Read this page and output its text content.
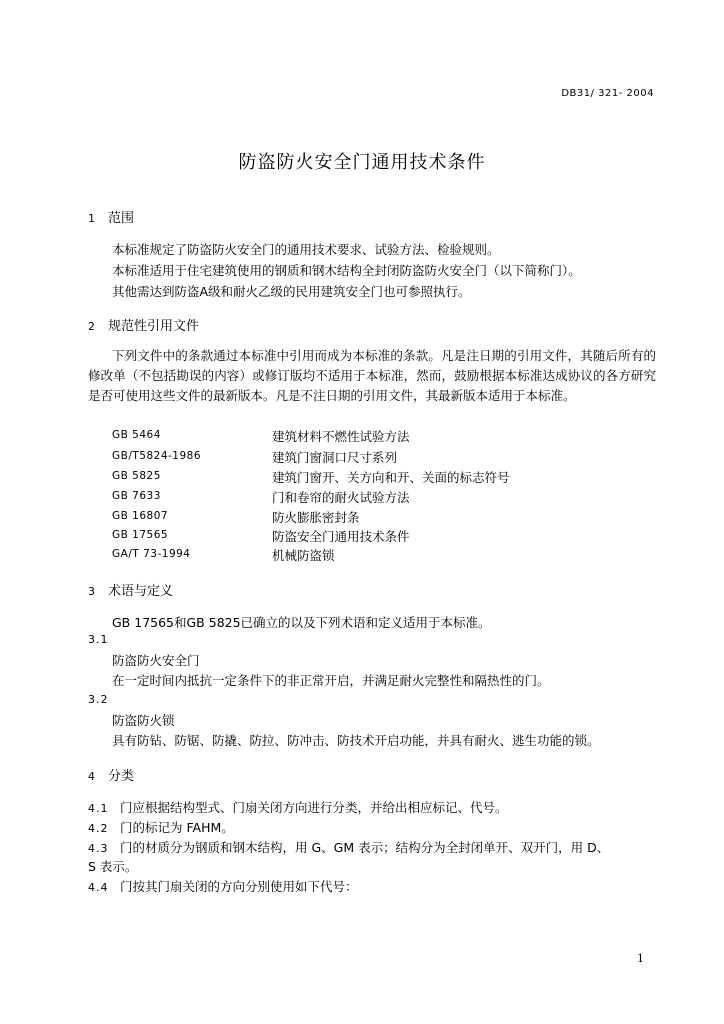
DB31/ 321- 2004
防盗防火安全门通用技术条件
1 范围
本标准规定了防盗防火安全门的通用技术要求、试验方法、检验规则。
本标准适用于住宅建筑使用的钢质和钢木结构全封闭防盗防火安全门（以下简称门）。
其他需达到防盗A级和耐火乙级的民用建筑安全门也可参照执行。
2 规范性引用文件
下列文件中的条款通过本标准中引用而成为本标准的条款。凡是注日期的引用文件，其随后所有的修改单（不包括勘误的内容）或修订版均不适用于本标准，然而，鼓励根据本标准达成协议的各方研究是否可使用这些文件的最新版本。凡是不注日期的引用文件，其最新版本适用于本标准。
GB 5464	建筑材料不燃性试验方法
GB/T5824-1986	建筑门窗洞口尺寸系列
GB 5825	建筑门窗开、关方向和开、关面的标志符号
GB 7633	门和卷帘的耐火试验方法
GB 16807	防火膨胀密封条
GB 17565	防盗安全门通用技术条件
GA/T 73-1994	机械防盗锁
3 术语与定义
GB 17565和GB 5825已确立的以及下列术语和定义适用于本标准。
3.1
防盗防火安全门
在一定时间内抵抗一定条件下的非正常开启，并满足耐火完整性和隔热性的门。
3.2
防盗防火锁
具有防钻、防锯、防撬、防拉、防冲击、防技术开启功能，并具有耐火、逃生功能的锁。
4 分类
4.1 门应根据结构型式、门扇关闭方向进行分类，并给出相应标记、代号。
4.2 门的标记为 FAHM。
4.3 门的材质分为钢质和钢木结构，用 G、GM 表示；结构分为全封闭单开、双开门，用 D、
S 表示。
4.4 门按其门扇关闭的方向分别使用如下代号：
1
